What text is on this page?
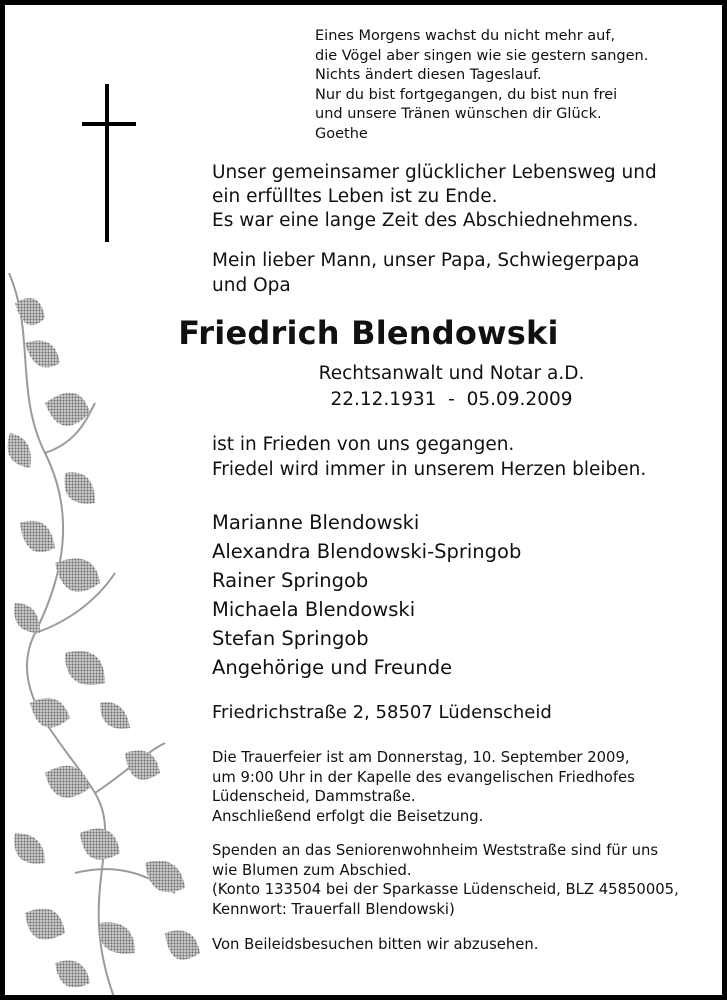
Eines Morgens wachst du nicht mehr auf,
die Vögel aber singen wie sie gestern sangen.
Nichts ändert diesen Tageslauf.
Nur du bist fortgegangen, du bist nun frei
und unsere Tränen wünschen dir Glück.
Goethe
Unser gemeinsamer glücklicher Lebensweg und
ein erfülltes Leben ist zu Ende.
Es war eine lange Zeit des Abschiednehmens.
Mein lieber Mann, unser Papa, Schwiegerpapa
und Opa
Friedrich Blendowski
Rechtsanwalt und Notar a.D.
22.12.1931  -  05.09.2009
ist in Frieden von uns gegangen.
Friedel wird immer in unserem Herzen bleiben.
Marianne Blendowski
Alexandra Blendowski-Springob
Rainer Springob
Michaela Blendowski
Stefan Springob
Angehörige und Freunde
Friedrichstraße 2, 58507 Lüdenscheid
Die Trauerfeier ist am Donnerstag, 10. September 2009,
um 9:00 Uhr in der Kapelle des evangelischen Friedhofes
Lüdenscheid, Dammstraße.
Anschließend erfolgt die Beisetzung.
Spenden an das Seniorenwohnheim Weststraße sind für uns
wie Blumen zum Abschied.
(Konto 133504 bei der Sparkasse Lüdenscheid, BLZ 45850005,
Kennwort: Trauerfall Blendowski)
Von Beileidsbesuchen bitten wir abzusehen.
